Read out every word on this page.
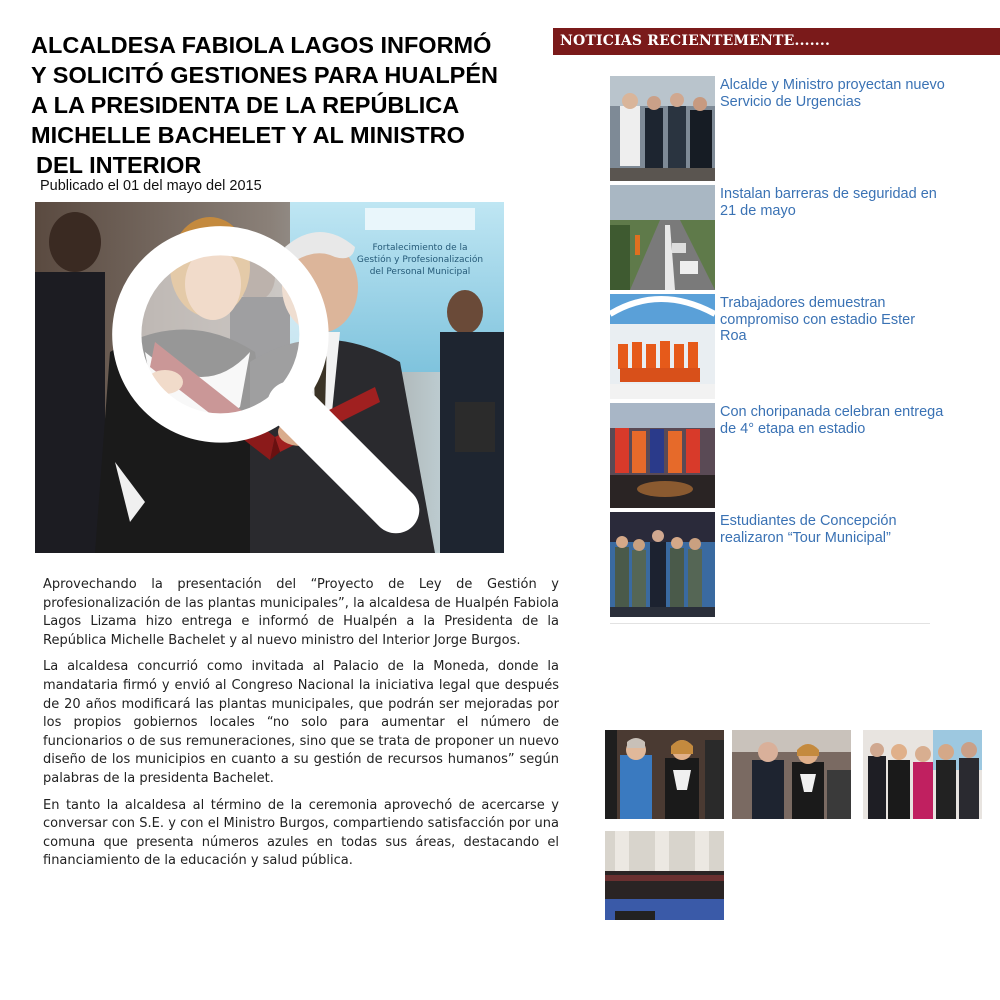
ALCALDESA FABIOLA LAGOS INFORMÓ
Y SOLICITÓ GESTIONES PARA HUALPÉN
A LA PRESIDENTA DE LA REPÚBLICA
MICHELLE BACHELET Y AL MINISTRO
DEL INTERIOR
Publicado el 01 del mayo del 2015
Fortalecimiento de la
Gestión y Profesionalización
del Personal Municipal

Aprovechando la presentación del “Proyecto de Ley de Gestión y profesionalización de las plantas municipales”, la alcaldesa de Hualpén Fabiola Lagos Lizama hizo entrega e informó de Hualpén a la Presidenta de la República Michelle Bachelet y al nuevo ministro del Interior Jorge Burgos.

La alcaldesa concurrió como invitada al Palacio de la Moneda, donde la mandataria firmó y envió al Congreso Nacional la iniciativa legal que después de 20 años modificará las plantas municipales, que podrán ser mejoradas por los propios gobiernos locales “no solo para aumentar el número de funcionarios o de sus remuneraciones, sino que se trata de proponer un nuevo diseño de los municipios en cuanto a su gestión de recursos humanos” según palabras de la presidenta Bachelet.

En tanto la alcaldesa al término de la ceremonia aprovechó de acercarse y conversar con S.E. y con el Ministro Burgos, compartiendo satisfacción por una comuna que presenta números azules en todas sus áreas, destacando el financiamiento de la educación y salud pública.

NOTICIAS RECIENTEMENTE.......
Alcalde y Ministro proyectan nuevo Servicio de Urgencias
Instalan barreras de seguridad en 21 de mayo
Trabajadores demuestran compromiso con estadio Ester Roa
Con choripanada celebran entrega de 4° etapa en estadio
Estudiantes de Concepción realizaron “Tour Municipal”
